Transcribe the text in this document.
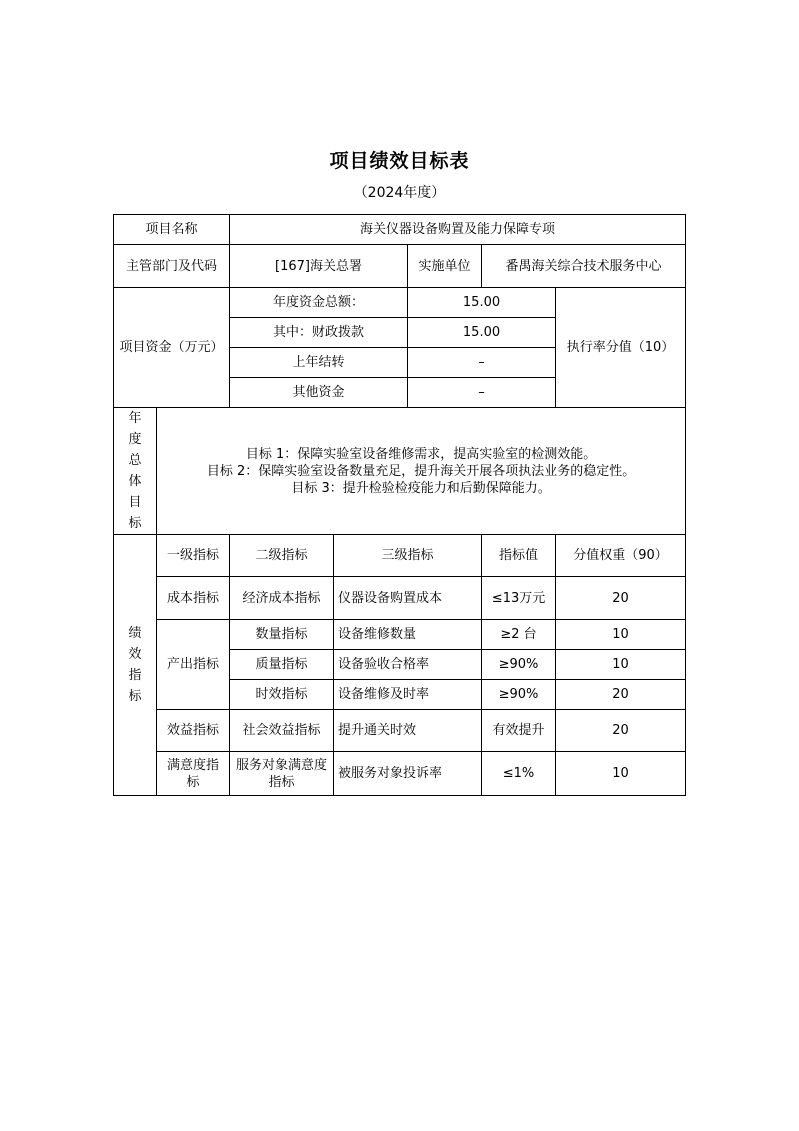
项目绩效目标表
（2024年度）
项目名称		海关仪器设备购置及能力保障专项				
主管部门及代码		[167]海关总署		实施单位	番禺海关综合技术服务中心	
项目资金（万元）		年度资金总额：		15.00		执行率分值（10）
		其中：财政拨款		15.00		
		上年结转		–		
		其他资金		–		
年度总体目标	目标 1：保障实验室设备维修需求，提高实验室的检测效能。
目标 2：保障实验室设备数量充足，提升海关开展各项执法业务的稳定性。
目标 3：提升检验检疫能力和后勤保障能力。					

绩效指标	一级指标	二级指标	三级指标		指标值	分值权重（90）
	成本指标	经济成本指标	仪器设备购置成本		≤13万元	20
	产出指标	数量指标	设备维修数量		≥2 台	10
		质量指标	设备验收合格率		≥90%	10
		时效指标	设备维修及时率		≥90%	20
	效益指标	社会效益指标	提升通关时效		有效提升	20
	满意度指标	服务对象满意度指标	被服务对象投诉率		≤1%	10
